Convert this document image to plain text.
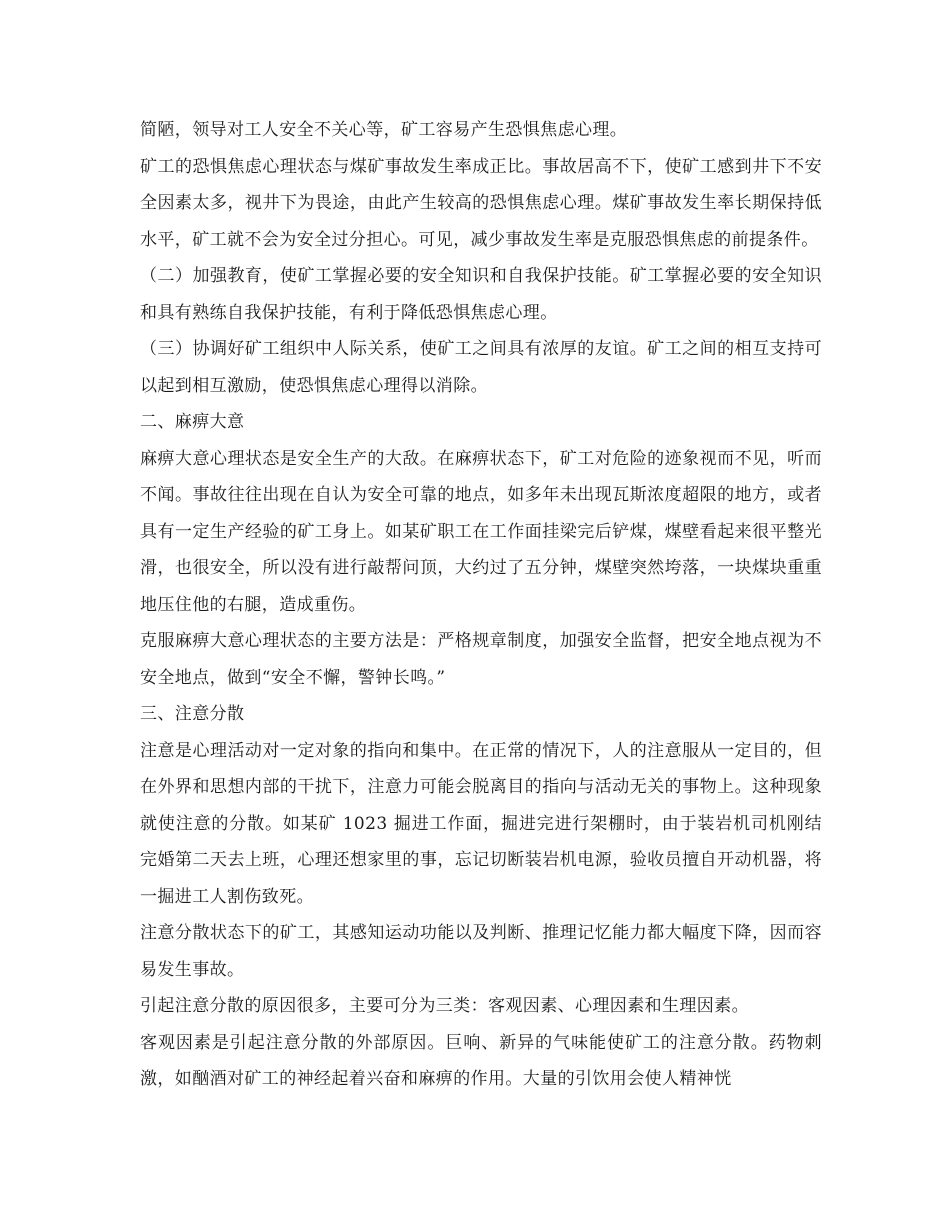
简陋，领导对工人安全不关心等，矿工容易产生恐惧焦虑心理。

矿工的恐惧焦虑心理状态与煤矿事故发生率成正比。事故居高不下，使矿工感到井下不安全因素太多，视井下为畏途，由此产生较高的恐惧焦虑心理。煤矿事故发生率长期保持低水平，矿工就不会为安全过分担心。可见，减少事故发生率是克服恐惧焦虑的前提条件。

（二）加强教育，使矿工掌握必要的安全知识和自我保护技能。矿工掌握必要的安全知识和具有熟练自我保护技能，有利于降低恐惧焦虑心理。

（三）协调好矿工组织中人际关系，使矿工之间具有浓厚的友谊。矿工之间的相互支持可以起到相互激励，使恐惧焦虑心理得以消除。

二、麻痹大意

麻痹大意心理状态是安全生产的大敌。在麻痹状态下，矿工对危险的迹象视而不见，听而不闻。事故往往出现在自认为安全可靠的地点，如多年未出现瓦斯浓度超限的地方，或者具有一定生产经验的矿工身上。如某矿职工在工作面挂梁完后铲煤，煤壁看起来很平整光滑，也很安全，所以没有进行敲帮问顶，大约过了五分钟，煤壁突然垮落，一块煤块重重地压住他的右腿，造成重伤。

克服麻痹大意心理状态的主要方法是：严格规章制度，加强安全监督，把安全地点视为不安全地点，做到“安全不懈，警钟长鸣。”

三、注意分散

注意是心理活动对一定对象的指向和集中。在正常的情况下，人的注意服从一定目的，但在外界和思想内部的干扰下，注意力可能会脱离目的指向与活动无关的事物上。这种现象就使注意的分散。如某矿 1023 掘进工作面，掘进完进行架棚时，由于装岩机司机刚结完婚第二天去上班，心理还想家里的事，忘记切断装岩机电源，验收员擅自开动机器，将一掘进工人割伤致死。

注意分散状态下的矿工，其感知运动功能以及判断、推理记忆能力都大幅度下降，因而容易发生事故。

引起注意分散的原因很多，主要可分为三类：客观因素、心理因素和生理因素。

客观因素是引起注意分散的外部原因。巨响、新异的气味能使矿工的注意分散。药物刺激，如酗酒对矿工的神经起着兴奋和麻痹的作用。大量的引饮用会使人精神恍
